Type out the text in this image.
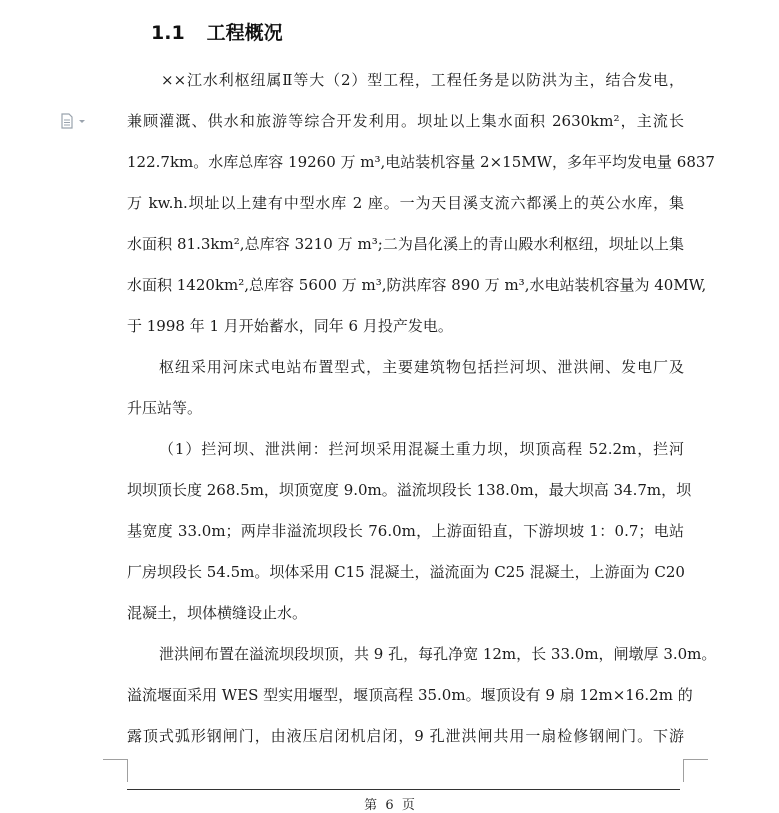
1.1 工程概况
××江水利枢纽属Ⅱ等大（2）型工程，工程任务是以防洪为主，结合发电，
兼顾灌溉、供水和旅游等综合开发利用。坝址以上集水面积 2630km²，主流长
122.7km。水库总库容 19260 万 m³,电站装机容量 2×15MW，多年平均发电量 6837
万 kw.h.坝址以上建有中型水库 2 座。一为天目溪支流六都溪上的英公水库，集
水面积 81.3km²,总库容 3210 万 m³;二为昌化溪上的青山殿水利枢纽，坝址以上集
水面积 1420km²,总库容 5600 万 m³,防洪库容 890 万 m³,水电站装机容量为 40MW,
于 1998 年 1 月开始蓄水，同年 6 月投产发电。
枢纽采用河床式电站布置型式，主要建筑物包括拦河坝、泄洪闸、发电厂及
升压站等。
（1）拦河坝、泄洪闸：拦河坝采用混凝土重力坝，坝顶高程 52.2m，拦河
坝坝顶长度 268.5m，坝顶宽度 9.0m。溢流坝段长 138.0m，最大坝高 34.7m，坝
基宽度 33.0m；两岸非溢流坝段长 76.0m，上游面铅直，下游坝坡 1：0.7；电站
厂房坝段长 54.5m。坝体采用 C15 混凝土，溢流面为 C25 混凝土，上游面为 C20
混凝土，坝体横缝设止水。
泄洪闸布置在溢流坝段坝顶，共 9 孔，每孔净宽 12m，长 33.0m，闸墩厚 3.0m。
溢流堰面采用 WES 型实用堰型，堰顶高程 35.0m。堰顶设有 9 扇 12m×16.2m 的
露顶式弧形钢闸门，由液压启闭机启闭，9 孔泄洪闸共用一扇检修钢闸门。下游
第  6  页
